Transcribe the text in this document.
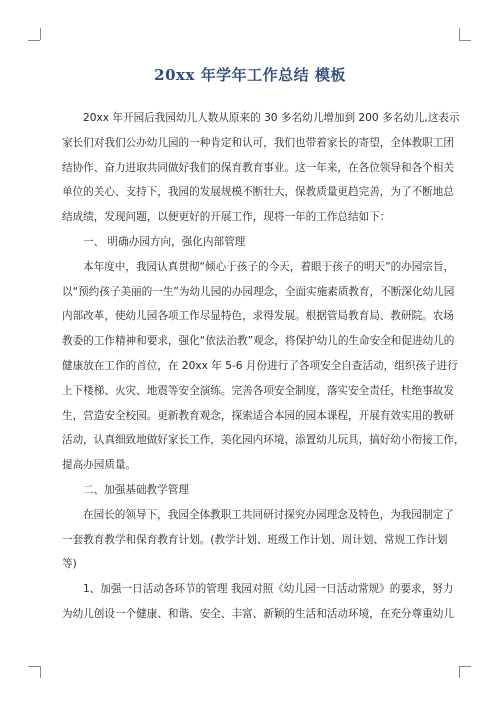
20xx 年学年工作总结 模板

20xx 年开园后我园幼儿人数从原来的 30 多名幼儿增加到 200 多名幼儿,这表示

家长们对我们公办幼儿园的一种肯定和认可，我们也带着家长的寄望，全体教职工团

结协作、奋力进取共同做好我们的保育教育事业。这一年来，在各位领导和各个相关

单位的关心、支持下，我园的发展规模不断壮大，保教质量更趋完善，为了不断地总

结成绩，发现问题，以便更好的开展工作，现将一年的工作总结如下：

一、 明确办园方向，强化内部管理

本年度中，我园认真贯彻“倾心于孩子的今天，着眼于孩子的明天”的办园宗旨，

以“预约孩子美丽的一生”为幼儿园的办园理念，全面实施素质教育，不断深化幼儿园

内部改革，使幼儿园各项工作尽显特色，求得发展。根据管局教育局、教研院。农场

教委的工作精神和要求，强化“依法治教”观念，将保护幼儿的生命安全和促进幼儿的

健康放在工作的首位，在 20xx 年 5-6 月份进行了各项安全自查活动，组织孩子进行

上下楼梯、火灾、地震等安全演练。完善各项安全制度，落实安全责任，杜绝事故发

生，营造安全校园。更新教育观念，探索适合本园的园本课程，开展有效实用的教研

活动，认真细致地做好家长工作，美化园内环境，添置幼儿玩具，搞好幼小衔接工作，

提高办园质量。

二、加强基础教学管理

在园长的领导下，我园全体教职工共同研讨探究办园理念及特色，为我园制定了

一套教育教学和保育教育计划。(教学计划、班级工作计划、周计划、常规工作计划

等)

1、加强一日活动各环节的管理 我园对照《幼儿园一日活动常规》的要求，努力

为幼儿创设一个健康、和谐、安全、丰富、新颖的生活和活动环境，在充分尊重幼儿
